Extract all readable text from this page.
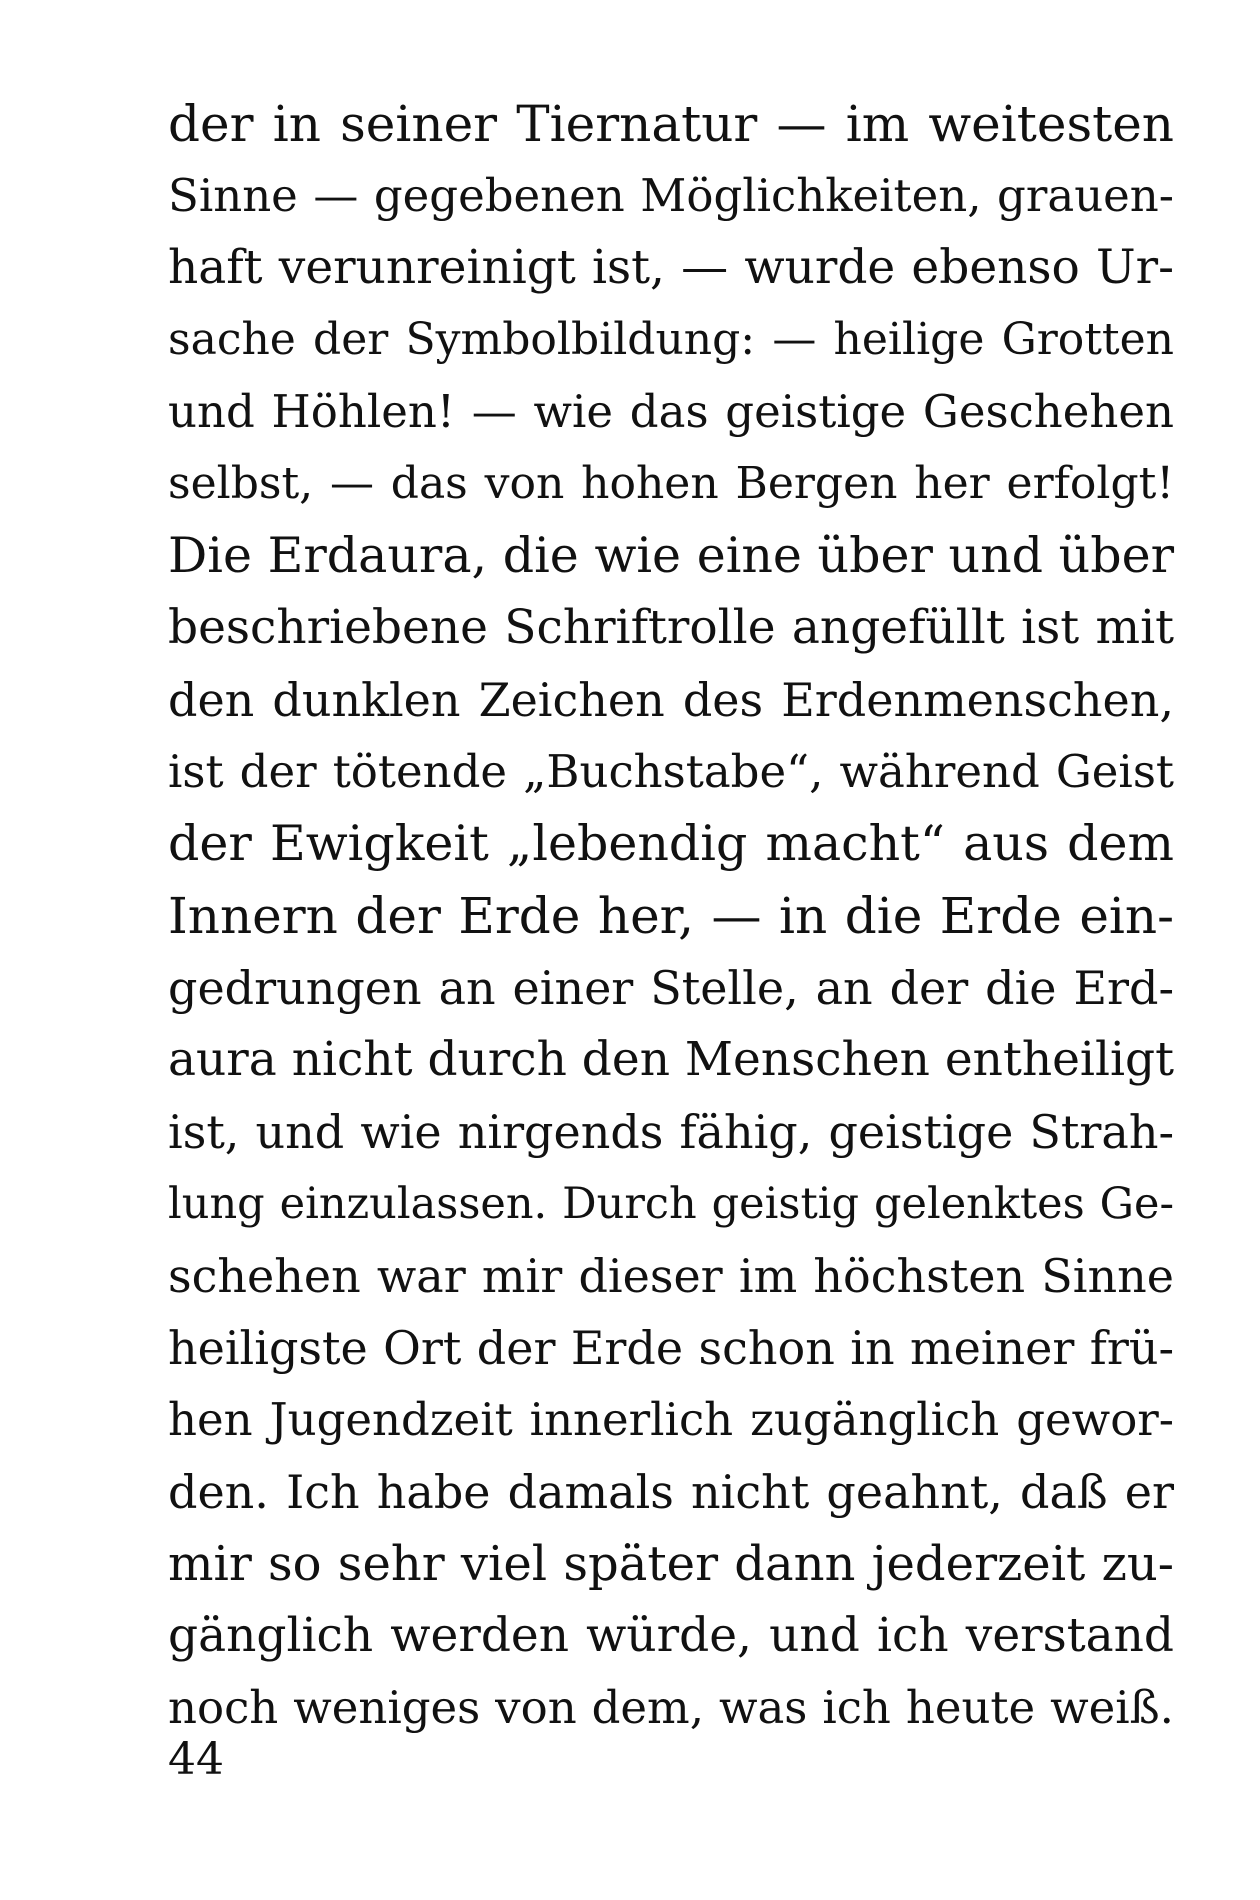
der in seiner Tiernatur — im weitesten
Sinne — gegebenen Möglichkeiten, grauen-
haft verunreinigt ist, — wurde ebenso Ur-
sache der Symbolbildung: — heilige Grotten
und Höhlen! — wie das geistige Geschehen
selbst, — das von hohen Bergen her erfolgt!
Die Erdaura, die wie eine über und über
beschriebene Schriftrolle angefüllt ist mit
den dunklen Zeichen des Erdenmenschen,
ist der tötende „Buchstabe“, während Geist
der Ewigkeit „lebendig macht“ aus dem
Innern der Erde her, — in die Erde ein-
gedrungen an einer Stelle, an der die Erd-
aura nicht durch den Menschen entheiligt
ist, und wie nirgends fähig, geistige Strah-
lung einzulassen. Durch geistig gelenktes Ge-
schehen war mir dieser im höchsten Sinne
heiligste Ort der Erde schon in meiner frü-
hen Jugendzeit innerlich zugänglich gewor-
den. Ich habe damals nicht geahnt, daß er
mir so sehr viel später dann jederzeit zu-
gänglich werden würde, und ich verstand
noch weniges von dem, was ich heute weiß.
44
